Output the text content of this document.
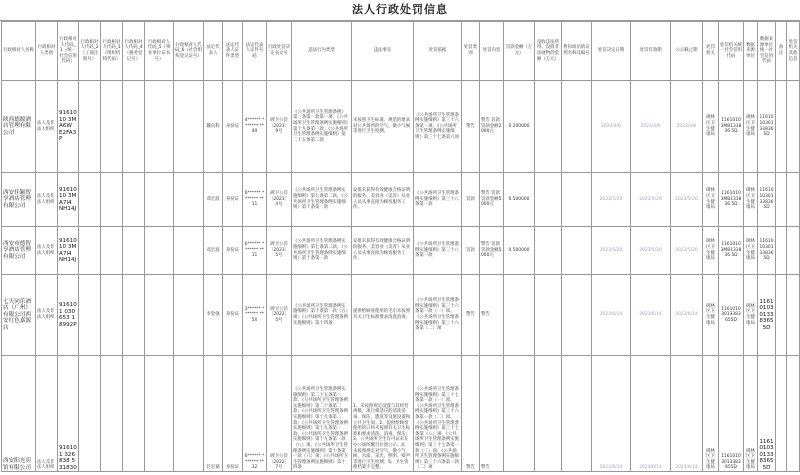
法人行政处罚信息
行政相对人名称	行政相对人类别	行政相对人代码_1（统一社会信用代码）	行政相对人代码_2（工商注册号）	行政相对人代码_3（组织机构代码）	行政相对人代码_4（税务登记号）	行政相对人代码_5（事业单位证书号）	行政相对人代码_6（社会组织登记证号）	法定代表人	法定代表人证件类型	法定代表人证件号码	行政处罚决定书文号	违法行为类型	违法事实	处罚依据	处罚类别	处罚内容	罚款金额（万元）	没收违法所得、没收非法财物的金额（万元）	暂扣或吊销证照名称及编号	处罚决定日期	处罚有效期	公示截止期	处罚机关	处罚机关统一社会信用代码	数据来源单位	数据来源单位统一社会信用代码	备注	处罚机关其他信息
陕西德源酒店管理有限公司	法人及非法人组织	9161010 3MA6W E2FA3P						魏向科	身份证	4****** ******* **40	碑卫公罚〔2023〕9号	《公共场所卫生管理条例》第三条第一款第一项；《公共场所卫生管理条例实施细则》第十九条第一款、《公共场所卫生管理条例实施细则》第二十五条第二款	未按照卫生标准、规范的要求对公共场所的空气、微小气候等进行卫生检测。	《公共场所卫生管理条例实施细则》第三十六条第一项；《公共场所卫生管理条例实施细则》第三十七条第六项	警告	警告 罚款罚款金额2000元	0.200000			2023/4/6	2023/4/6	2023/4/6	碑林区卫生健康局	11610103MB133836 5D	碑林区卫生健康局	11610 10301 33836 5D		
西安佳颖智享酒店管理有限公司	法人及非法人组织	9161010 3MA7I4 NH14J						邓宏波	身份证	6****** ******* **11	碑卫公罚〔2023〕4号	《公共场所卫生管理条例实施细则》第七条第二款、《公共场所卫生管理条例实施细则》第十条第一款	安排未获得有效健康合格证明的服务、美容业（美容）从业人员从事直接为顾客服务工作。	《公共场所卫生管理条例实施细则》第三十八条第一款	罚款	警告 罚款罚款金额5000元	0.500000			2023/5/20	2023/5/20	2023/5/20	碑林区卫生健康局	11610103MB133836 5D	碑林区卫生健康局	11610 10301 33836 5D		
西安市德智享酒店管理有限公司	法人及非法人组织	9161010 3MA7I4 NH14J						邓宏波	身份证	6****** ******* **11	碑卫公罚〔2023〕5号	《公共场所卫生管理条例实施细则》第七条第二款、《公共场所卫生管理条例实施细则》第十条第一款	安排未获得有效健康合格证明的服务、美容业（美容）从业人员从事直接为顾客服务工作。	《公共场所卫生管理条例实施细则》第三十八条第一款	罚款	警告 罚款罚款金额5000元	0.500000			2023/5/20	2023/5/20	2023/5/20	碑林区卫生健康局	11610103MB133836 5D	碑林区卫生健康局	11610 10301 33836 5D		
七天同乐酒店（广州）有限公司西安红色嘉源店	法人及非法人组织	916101 030653 18992P						李金强	身份证	3****** ******* **5X	碑卫公罚〔2022〕5号	《公共场所卫生管理条例实施细则》第十条第一款（五）项；《公共场所卫生管理条例实施细则》第十四条	提供给顾客使用的毛巾未按照有关卫生标准要求清洗消毒。	《公共场所卫生管理条例实施细则》第三十六条第一款（一）项、《公共场所卫生管理条例实施细则》第三十六条第（二）项	警告	警告				2023/6/14	2023/6/14	2023/6/14	碑林区卫生健康局	11610103013383 655D	碑林区卫生健康局	1161 0103 0133 8365 5D		
西安阳光宾馆有限公司	法人及非法人组织	916101 326838 531830						任宏斌	身份证	6****** ******* **32	碑卫公罚〔2022〕7号	《公共场所卫生管理条例实施细则》第二十五条第一款；《公共场所卫生管理条例实施细则》第二十条第二款；《公共场所卫生管理条例实施细则》第十九条第二款；《公共场所卫生管理条例实施细则》第十九条第一款、《公共场所卫生管理条例实施细则》第十九条第一款（八）项、《公共场所卫生管理条例实施细则》第十条第一款（六）项；《公共场所卫生管理条例实施细则》第十四条	1、未按照规定设置与其经营规模、项目相适应的清洗消毒、保洁、盥洗等设施设备和公共卫生间；2、提供给顾客使用的口杯未按照有关卫生标准和要求清洗、消毒、保洁；3、公共场所卫生许可证未在办公场所醒目位置公示；4、未按照规定对空气、微小气候、水质、采光、照明、噪声等进行卫生检测；5、卫生管理档案不完整。	《公共场所卫生管理条例实施细则》第三十七条第一款（一）项、《公共场所卫生管理条例实施细则》第三十六条第一款（二）项、《公共场所卫生管理条例实施细则》第三十七条第（八）项、《公共场所卫生管理条例实施细则》第三十七条第一款（三）项、《公共场所卫生管理条例实施细则》第三十六条第一款（二）项	警告	警告				2023/6/14	2023/6/14	2023/6/14	碑林区卫生健康局	11610103013383 655D	碑林区卫生健康局	1161 0103 0133 8365 5D		
